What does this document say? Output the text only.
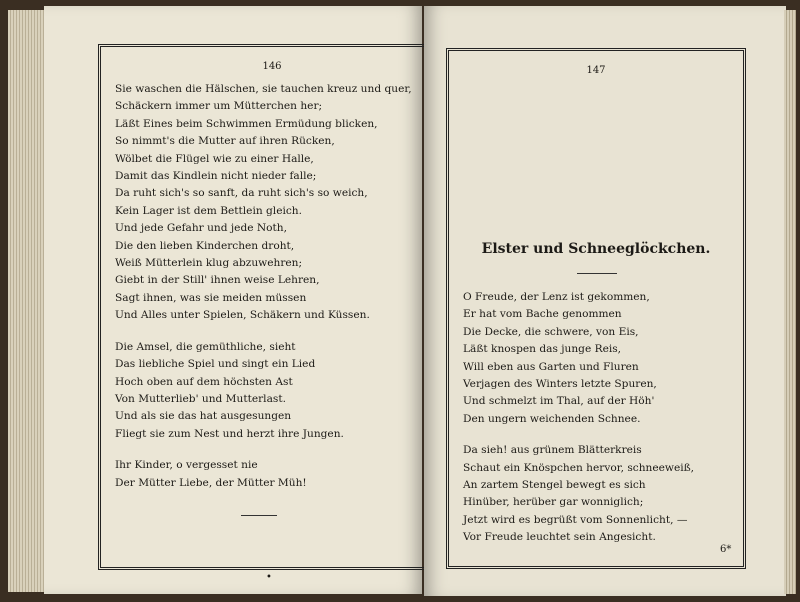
146

Sie waschen die Hälschen, sie tauchen kreuz und quer,

Schäckern immer um Mütterchen her;

Läßt Eines beim Schwimmen Ermüdung blicken,

So nimmt's die Mutter auf ihren Rücken,

Wölbet die Flügel wie zu einer Halle,

Damit das Kindlein nicht nieder falle;

Da ruht sich's so sanft, da ruht sich's so weich,

Kein Lager ist dem Bettlein gleich.

Und jede Gefahr und jede Noth,

Die den lieben Kinderchen droht,

Weiß Mütterlein klug abzuwehren;

Giebt in der Still' ihnen weise Lehren,

Sagt ihnen, was sie meiden müssen

Und Alles unter Spielen, Schäkern und Küssen.

Die Amsel, die gemüthliche, sieht

Das liebliche Spiel und singt ein Lied

Hoch oben auf dem höchsten Ast

Von Mutterlieb' und Mutterlast.

Und als sie das hat ausgesungen

Fliegt sie zum Nest und herzt ihre Jungen.

Ihr Kinder, o vergesset nie

Der Mütter Liebe, der Mütter Müh!

•
147
Elster und Schneeglöckchen.

O Freude, der Lenz ist gekommen,

Er hat vom Bache genommen

Die Decke, die schwere, von Eis,

Läßt knospen das junge Reis,

Will eben aus Garten und Fluren

Verjagen des Winters letzte Spuren,

Und schmelzt im Thal, auf der Höh'

Den ungern weichenden Schnee.

Da sieh! aus grünem Blätterkreis

Schaut ein Knöspchen hervor, schneeweiß,

An zartem Stengel bewegt es sich

Hinüber, herüber gar wonniglich;

Jetzt wird es begrüßt vom Sonnenlicht, —

Vor Freude leuchtet sein Angesicht.

6*
